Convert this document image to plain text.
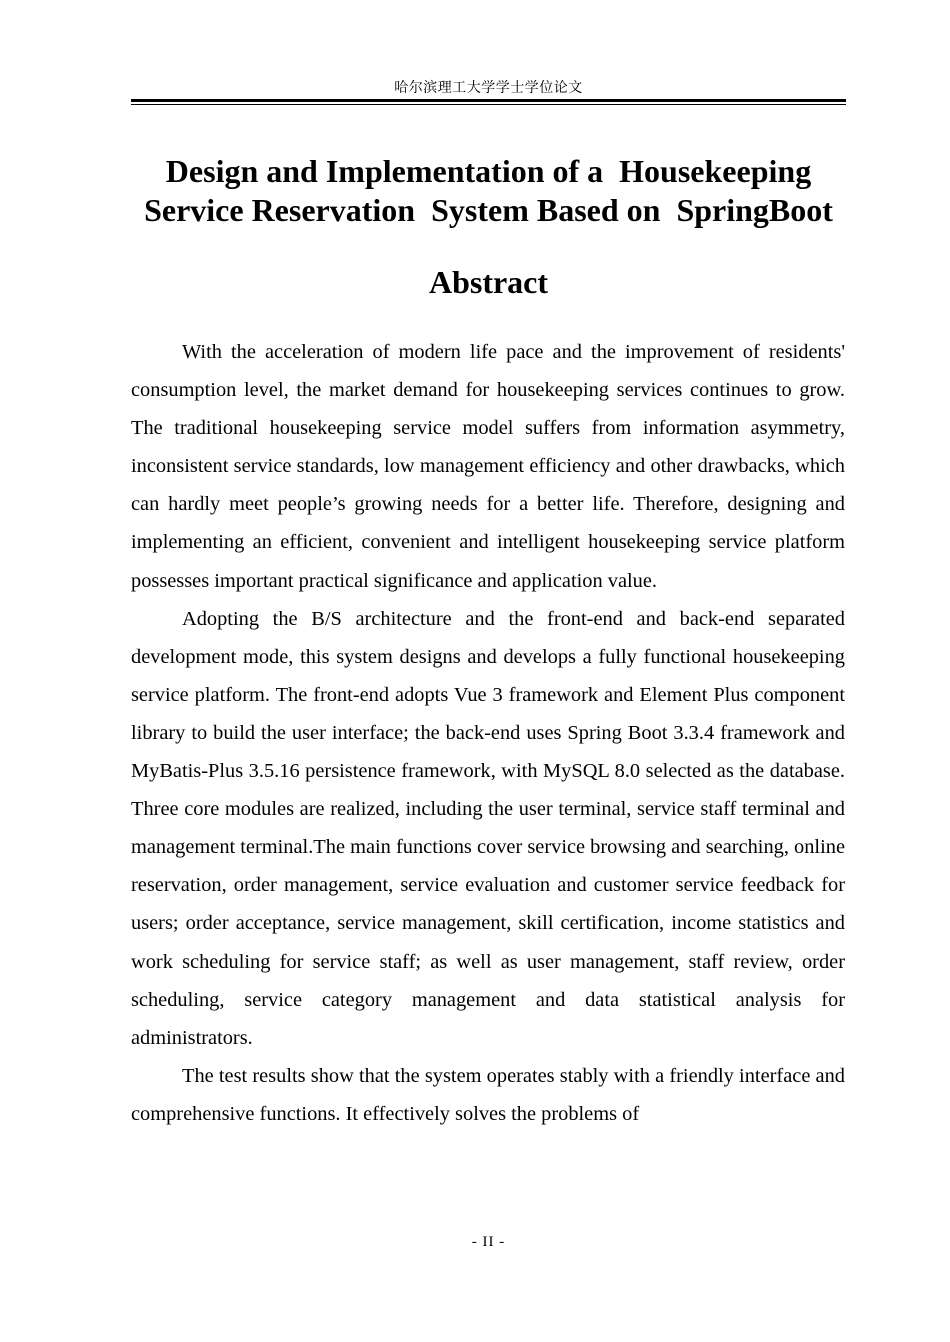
哈尔滨理工大学学士学位论文
Design and Implementation of a  Housekeeping
Service Reservation  System Based on  SpringBoot
Abstract

With the acceleration of modern life pace and the improvement of residents' consumption level, the market demand for housekeeping services continues to grow. The traditional housekeeping service model suffers from information asymmetry, inconsistent service standards, low management efficiency and other drawbacks, which can hardly meet people’s growing needs for a better life. Therefore, designing and implementing an efficient, convenient and intelligent housekeeping service platform possesses important practical significance and application value.

Adopting the B/S architecture and the front-end and back-end separated development mode, this system designs and develops a fully functional housekeeping service platform. The front-end adopts Vue 3 framework and Element Plus component library to build the user interface; the back-end uses Spring Boot 3.3.4 framework and MyBatis-Plus 3.5.16 persistence framework, with MySQL 8.0 selected as the database. Three core modules are realized, including the user terminal, service staff terminal and management terminal.The main functions cover service browsing and searching, online reservation, order management, service evaluation and customer service feedback for users; order acceptance, service management, skill certification, income statistics and work scheduling for service staff; as well as user management, staff review, order scheduling, service category management and data statistical analysis for administrators.

The test results show that the system operates stably with a friendly interface and comprehensive functions. It effectively solves the problems of

- II -
